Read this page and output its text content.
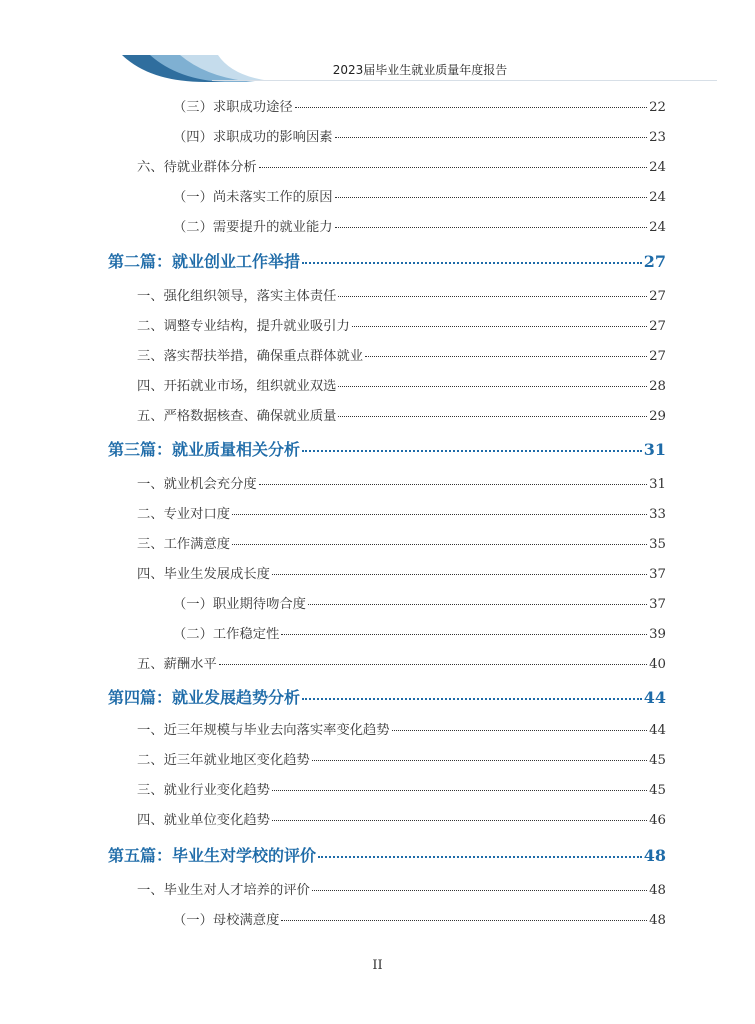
2023届毕业生就业质量年度报告
（三）求职成功途径	22
（四）求职成功的影响因素	23
六、待就业群体分析	24
（一）尚未落实工作的原因	24
（二）需要提升的就业能力	24
第二篇：就业创业工作举措	27
一、强化组织领导，落实主体责任	27
二、调整专业结构，提升就业吸引力	27
三、落实帮扶举措，确保重点群体就业	27
四、开拓就业市场，组织就业双选	28
五、严格数据核查、确保就业质量	29
第三篇：就业质量相关分析	31
一、就业机会充分度	31
二、专业对口度	33
三、工作满意度	35
四、毕业生发展成长度	37
（一）职业期待吻合度	37
（二）工作稳定性	39
五、薪酬水平	40
第四篇：就业发展趋势分析	44
一、近三年规模与毕业去向落实率变化趋势	44
二、近三年就业地区变化趋势	45
三、就业行业变化趋势	45
四、就业单位变化趋势	46
第五篇：毕业生对学校的评价	48
一、毕业生对人才培养的评价	48
（一）母校满意度	48
II
